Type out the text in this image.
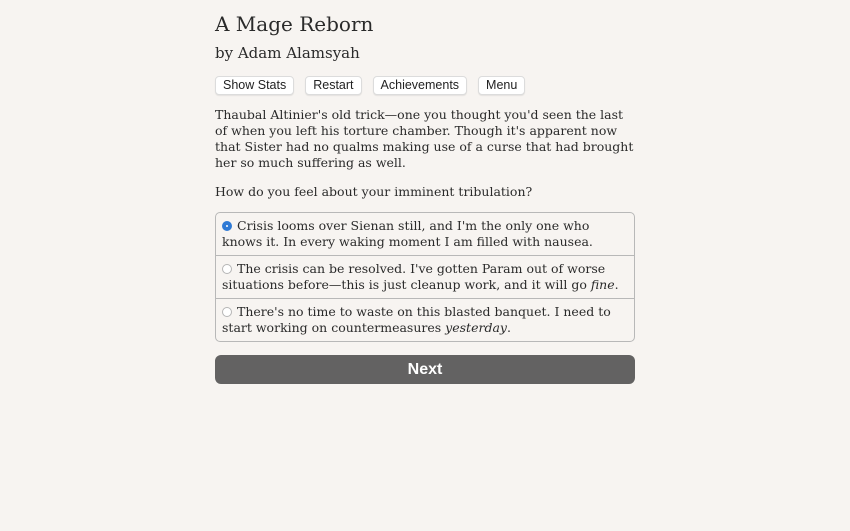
A Mage Reborn
by Adam Alamsyah
Show Stats	Restart	Achievements	Menu

Thaubal Altinier's old trick—one you thought you'd seen the last of when you left his torture chamber. Though it's apparent now that Sister had no qualms making use of a curse that had brought her so much suffering as well.

How do you feel about your imminent tribulation?

Crisis looms over Sienan still, and I'm the only one who knows it. In every waking moment I am filled with nausea.
The crisis can be resolved. I've gotten Param out of worse situations before—this is just cleanup work, and it will go fine.
There's no time to waste on this blasted banquet. I need to start working on countermeasures yesterday.
Next
